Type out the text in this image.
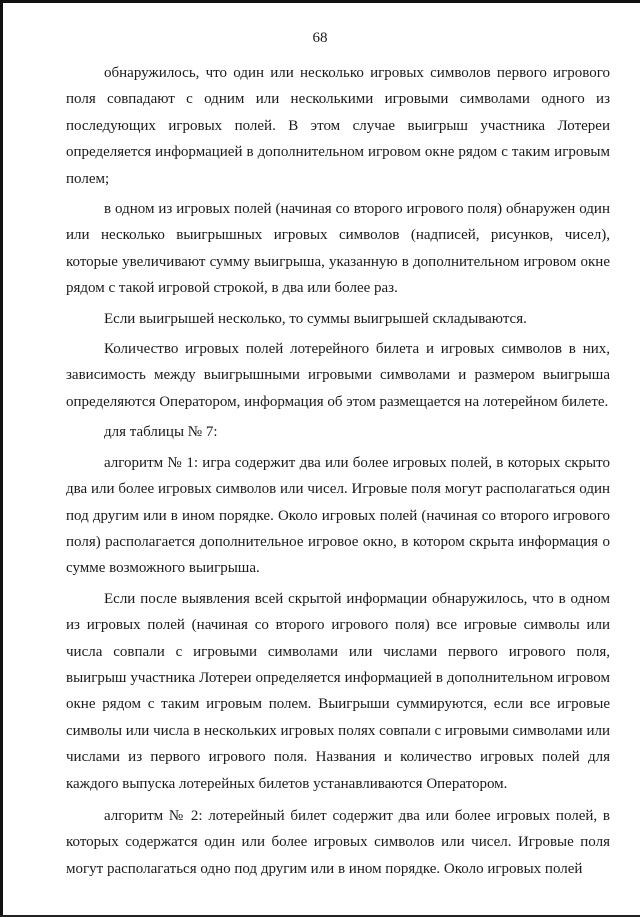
68

обнаружилось, что один или несколько игровых символов первого игрового поля совпадают с одним или несколькими игровыми символами одного из последующих игровых полей. В этом случае выигрыш участника Лотереи определяется информацией в дополнительном игровом окне рядом с таким игровым полем;

в одном из игровых полей (начиная со второго игрового поля) обнаружен один или несколько выигрышных игровых символов (надписей, рисунков, чисел), которые увеличивают сумму выигрыша, указанную в дополнительном игровом окне рядом с такой игровой строкой, в два или более раз.

Если выигрышей несколько, то суммы выигрышей складываются.

Количество игровых полей лотерейного билета и игровых символов в них, зависимость между выигрышными игровыми символами и размером выигрыша определяются Оператором, информация об этом размещается на лотерейном билете.

для таблицы № 7:

алгоритм № 1: игра содержит два или более игровых полей, в которых скрыто два или более игровых символов или чисел. Игровые поля могут располагаться один под другим или в ином порядке. Около игровых полей (начиная со второго игрового поля) располагается дополнительное игровое окно, в котором скрыта информация о сумме возможного выигрыша.

Если после выявления всей скрытой информации обнаружилось, что в одном из игровых полей (начиная со второго игрового поля) все игровые символы или числа совпали с игровыми символами или числами первого игрового поля, выигрыш участника Лотереи определяется информацией в дополнительном игровом окне рядом с таким игровым полем. Выигрыши суммируются, если все игровые символы или числа в нескольких игровых полях совпали с игровыми символами или числами из первого игрового поля. Названия и количество игровых полей для каждого выпуска лотерейных билетов устанавливаются Оператором.

алгоритм № 2: лотерейный билет содержит два или более игровых полей, в которых содержатся один или более игровых символов или чисел. Игровые поля могут располагаться одно под другим или в ином порядке. Около игровых полей
